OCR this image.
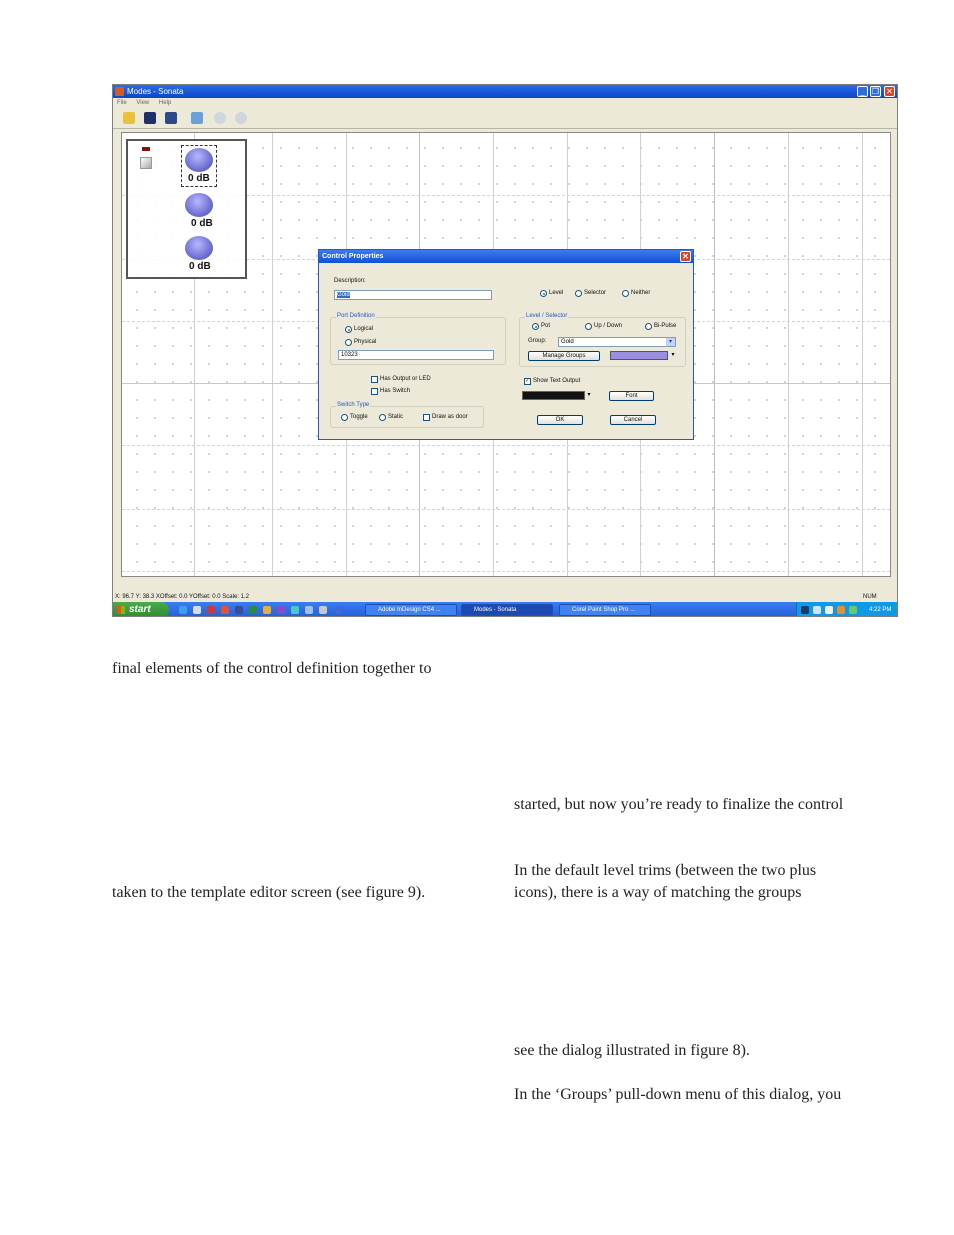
Modes - Sonata	_ ❐ ✕
File View Help
0 dB
0 dB
0 dB
Control Properties	✕
Description:
Gold	Level	Selector	Neither
Port Definition
Logical
Physical
10323
Level / Selector
Pot	Up / Down	Bi-Pulse
Group:	Gold	▾
Manage Groups	▾
Has Output or LED
Has Switch
Switch Type
Toggle	Static	Draw as door
✓ Show Text Output
▾	Font
OK	Cancel
X: 96.7 Y: 38.3 XOffset: 0.0 YOffset: 0.0 Scale: 1.2	NUM
start	Adobe InDesign CS4 ...	Modes - Sonata	Corel Paint Shop Pro ...	4:22 PM
final elements of the control definition together to
taken to the template editor screen (see figure 9).
started, but now you’re ready to finalize the control
In the default level trims (between the two plus
icons), there is a way of matching the groups
see the dialog illustrated in figure 8).
In the ‘Groups’ pull-down menu of this dialog, you
